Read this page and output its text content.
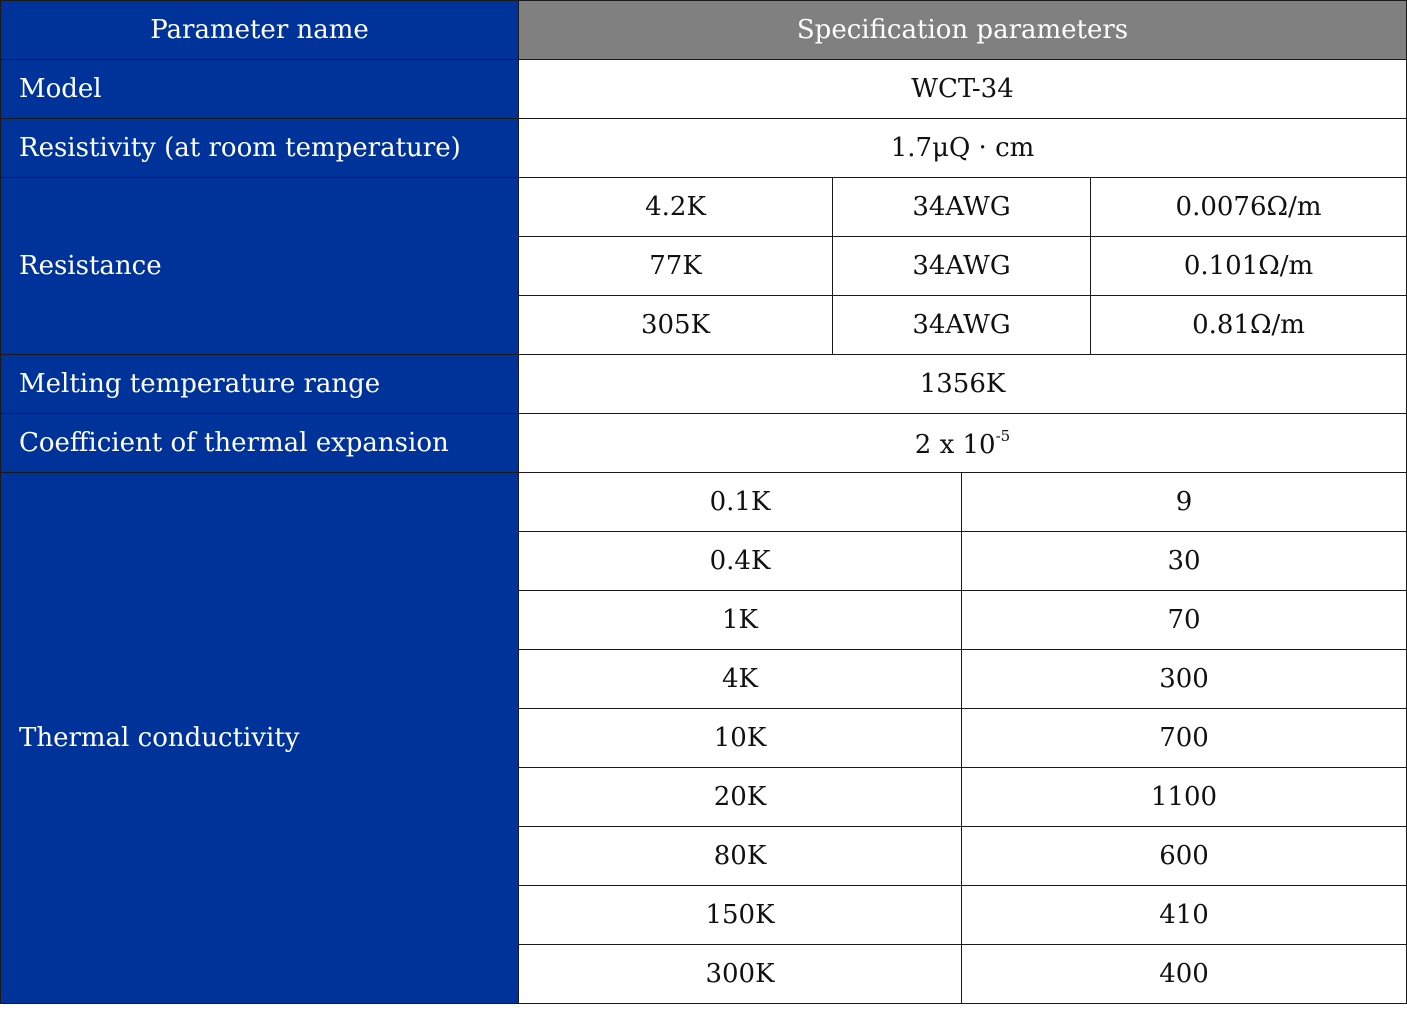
Parameter name	Specification parameters			
Model	WCT-34			
Resistivity (at room temperature)	1.7μQ · cm			
Resistance	4.2K	34AWG		0.0076Ω/m
	77K	34AWG		0.101Ω/m
	305K	34AWG		0.81Ω/m
Melting temperature range	1356K			
Coefficient of thermal expansion	2 x $10^{-5}$
Thermal conductivity	0.1K		9	
	0.4K		30	
	1K		70	
	4K		300	
	10K		700	
	20K		1100	
	80K		600	
	150K		410	
	300K		400	
